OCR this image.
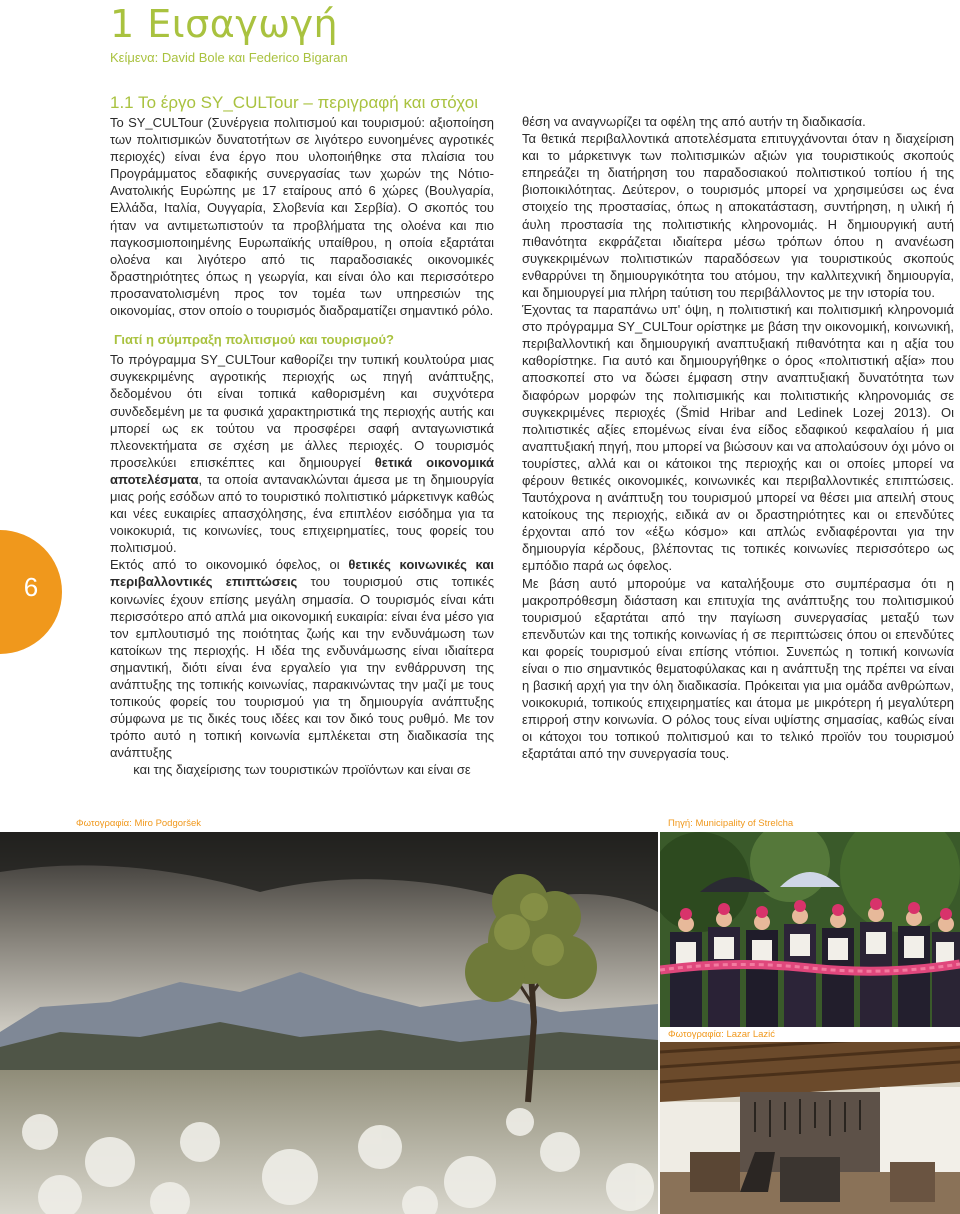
1 Εισαγωγή
Κείμενα: David Bole και Federico Bigaran
1.1 Το έργο SY_CULTour – περιγραφή και στόχοι

Το SY_CULTour (Συνέργεια πολιτισμού και τουρισμού: αξιοποίηση των πολιτισμικών δυνατοτήτων σε λιγότερο ευνοημένες αγροτικές περιοχές) είναι ένα έργο που υλοποιήθηκε στα πλαίσια του Προγράμματος εδαφικής συνεργασίας των χωρών της Νότιο-Ανατολικής Ευρώπης με 17 εταίρους από 6 χώρες (Βουλγαρία, Ελλάδα, Ιταλία, Ουγγαρία, Σλοβενία και Σερβία). Ο σκοπός του ήταν να αντιμετωπιστούν τα προβλήματα της ολοένα και πιο παγκοσμιοποιημένης Ευρωπαϊκής υπαίθρου, η οποία εξαρτάται ολοένα και λιγότερο από τις παραδοσιακές οικονομικές δραστηριότητες όπως η γεωργία, και είναι όλο και περισσότερο προσανατολισμένη προς τον τομέα των υπηρεσιών της οικονομίας, στον οποίο ο τουρισμός διαδραματίζει σημαντικό ρόλο.

Γιατί η σύμπραξη πολιτισμού και τουρισμού?

Το πρόγραμμα SY_CULTour καθορίζει την τυπική κουλτούρα μιας συγκεκριμένης αγροτικής περιοχής ως πηγή ανάπτυξης, δεδομένου ότι είναι τοπικά καθορισμένη και συχνότερα συνδεδεμένη με τα φυσικά χαρακτηριστικά της περιοχής αυτής και μπορεί ως εκ τούτου να προσφέρει σαφή ανταγωνιστικά πλεονεκτήματα σε σχέση με άλλες περιοχές. Ο τουρισμός προσελκύει επισκέπτες και δημιουργεί θετικά οικονομικά αποτελέσματα, τα οποία αντανακλώνται άμεσα με τη δημιουργία μιας ροής εσόδων από το τουριστικό πολιτιστικό μάρκετινγκ καθώς και νέες ευκαιρίες απασχόλησης, ένα επιπλέον εισόδημα για τα νοικοκυριά, τις κοινωνίες, τους επιχειρηματίες, τους φορείς του πολιτισμού.

Εκτός από το οικονομικό όφελος, οι θετικές κοινωνικές και περιβαλλοντικές επιπτώσεις του τουρισμού στις τοπικές κοινωνίες έχουν επίσης μεγάλη σημασία. Ο τουρισμός είναι κάτι περισσότερο από απλά μια οικονομική ευκαιρία: είναι ένα μέσο για τον εμπλουτισμό της ποιότητας ζωής και την ενδυνάμωση των κατοίκων της περιοχής. Η ιδέα της ενδυνάμωσης είναι ιδιαίτερα σημαντική, διότι είναι ένα εργαλείο για την ενθάρρυνση της ανάπτυξης της τοπικής κοινωνίας, παρακινώντας την μαζί με τους τοπικούς φορείς του τουρισμού για τη δημιουργία ανάπτυξης σύμφωνα με τις δικές τους ιδέες και τον δικό τους ρυθμό. Με τον τρόπο αυτό η τοπική κοινωνία εμπλέκεται στη διαδικασία της ανάπτυξης
και της διαχείρισης των τουριστικών προϊόντων και είναι σε

θέση να αναγνωρίζει τα οφέλη της από αυτήν τη διαδικασία.

Τα θετικά περιβαλλοντικά αποτελέσματα επιτυγχάνονται όταν η διαχείριση και το μάρκετινγκ των πολιτισμικών αξιών για τουριστικούς σκοπούς επηρεάζει τη διατήρηση του παραδοσιακού πολιτιστικού τοπίου ή της βιοποικιλότητας. Δεύτερον, ο τουρισμός μπορεί να χρησιμεύσει ως ένα στοιχείο της προστασίας, όπως η αποκατάσταση, συντήρηση, η υλική ή άυλη προστασία της πολιτιστικής κληρονομιάς. Η δημιουργική αυτή πιθανότητα εκφράζεται ιδιαίτερα μέσω τρόπων όπου η ανανέωση συγκεκριμένων πολιτιστικών παραδόσεων για τουριστικούς σκοπούς ενθαρρύνει τη δημιουργικότητα του ατόμου, την καλλιτεχνική δημιουργία, και δημιουργεί μια πλήρη ταύτιση του περιβάλλοντος με την ιστορία του.

Έχοντας τα παραπάνω υπ' όψη, η πολιτιστική και πολιτισμική κληρονομιά στο πρόγραμμα SY_CULTour ορίστηκε με βάση την οικονομική, κοινωνική, περιβαλλοντική και δημιουργική αναπτυξιακή πιθανότητα και η αξία του καθορίστηκε. Για αυτό και δημιουργήθηκε ο όρος «πολιτιστική αξία» που αποσκοπεί στο να δώσει έμφαση στην αναπτυξιακή δυνατότητα των διαφόρων μορφών της πολιτισμικής και πολιτιστικής κληρονομιάς σε συγκεκριμένες περιοχές (Šmid Hribar and Ledinek Lozej 2013). Οι πολιτιστικές αξίες επομένως είναι ένα είδος εδαφικού κεφαλαίου ή μια αναπτυξιακή πηγή, που μπορεί να βιώσουν και να απολαύσουν όχι μόνο οι τουρίστες, αλλά και οι κάτοικοι της περιοχής και οι οποίες μπορεί να φέρουν θετικές οικονομικές, κοινωνικές και περιβαλλοντικές επιπτώσεις. Ταυτόχρονα η ανάπτυξη του τουρισμού μπορεί να θέσει μια απειλή στους κατοίκους της περιοχής, ειδικά αν οι δραστηριότητες και οι επενδύτες έρχονται από τον «έξω κόσμο» και απλώς ενδιαφέρονται για την δημιουργία κέρδους, βλέποντας τις τοπικές κοινωνίες περισσότερο ως εμπόδιο παρά ως όφελος.

Με βάση αυτό μπορούμε να καταλήξουμε στο συμπέρασμα ότι η μακροπρόθεσμη διάσταση και επιτυχία της ανάπτυξης του πολιτισμικού τουρισμού εξαρτάται από την παγίωση συνεργασίας μεταξύ των επενδυτών και της τοπικής κοινωνίας ή σε περιπτώσεις όπου οι επενδύτες και φορείς τουρισμού είναι επίσης ντόπιοι. Συνεπώς η τοπική κοινωνία είναι ο πιο σημαντικός θεματοφύλακας και η ανάπτυξη της πρέπει να είναι η βασική αρχή για την όλη διαδικασία. Πρόκειται για μια ομάδα ανθρώπων, νοικοκυριά, τοπικούς επιχειρηματίες και άτομα με μικρότερη ή μεγαλύτερη επιρροή στην κοινωνία. Ο ρόλος τους είναι υψίστης σημασίας, καθώς είναι οι κάτοχοι του τοπικού πολιτισμού και το τελικό προϊόν του τουρισμού εξαρτάται από την συνεργασία τους.

6
Φωτογραφία: Miro Podgoršek	Πηγή: Municipality of Strelcha
Φωτογραφία: Lazar Lazić
